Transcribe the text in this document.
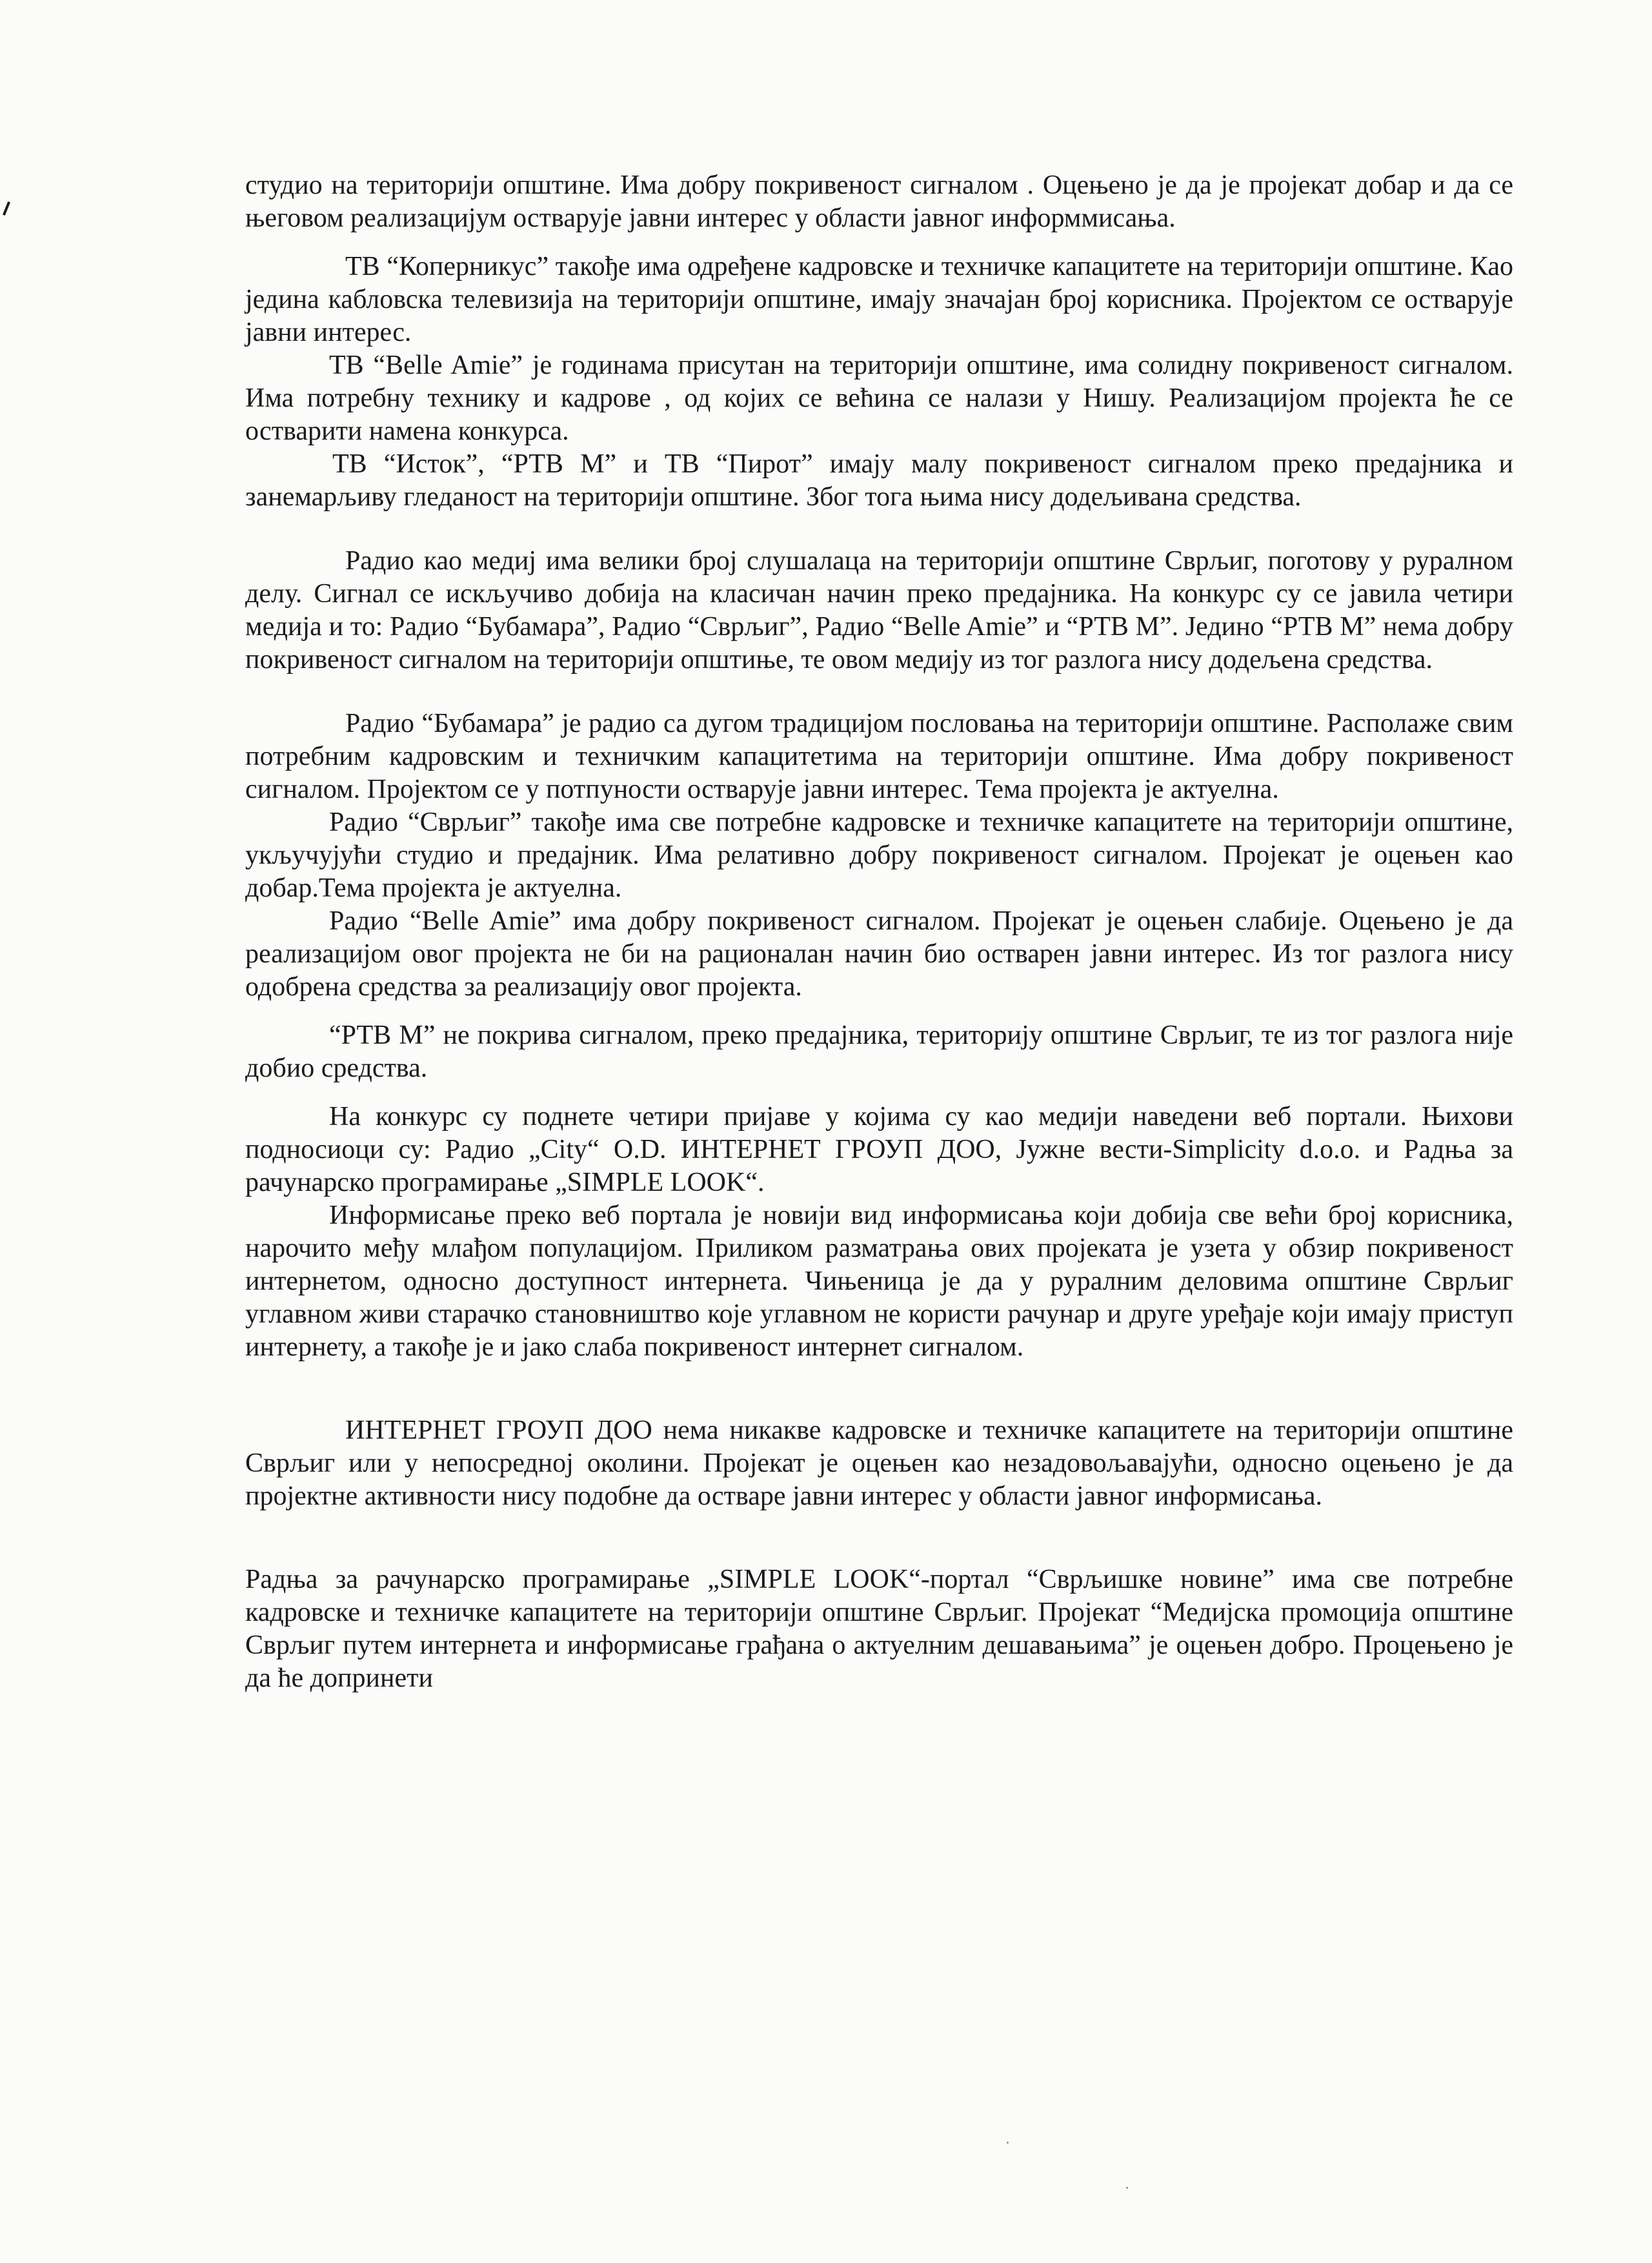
студио на територији општине. Има добру покривеност сигналом . Оцењено је да је пројекат добар и да се његовом реализацијум остварује јавни интерес у области јавног информмисања.

ТВ “Коперникус” такође има одређене кадровске и техничке капацитете на територији општине. Као једина кабловска телевизија на територији општине, имају значајан број корисника. Пројектом се остварује јавни интерес.

ТВ “Belle Amie” је годинама присутан на територији општине, има солидну покривеност сигналом. Има потребну технику и кадрове , од којих се већина се налази у Нишу. Реализацијом пројекта ће се остварити намена конкурса.

ТВ “Исток”, “РТВ М” и ТВ “Пирот” имају малу покривеност сигналом преко предајника и занемарљиву гледаност на територији општине. Због тога њима нису додељивана средства.

Радио као медиј има велики број слушалаца на територији општине Сврљиг, поготову у руралном делу. Сигнал се искључиво добија на класичан начин преко предајника. На конкурс су се јавила четири медија и то: Радио “Бубамара”, Радио “Сврљиг”, Радио “Belle Amie” и “РТВ М”. Једино “РТВ М” нема добру покривеност сигналом на територији општиње, те овом медију из тог разлога нису додељена средства.

Радио “Бубамара” је радио са дугом традицијом пословања на територији општине. Располаже свим потребним кадровским и техничким капацитетима на територији општине. Има добру покривеност сигналом. Пројектом се у потпуности остварује јавни интерес. Тема пројекта је актуелна.

Радио “Сврљиг” такође има све потребне кадровске и техничке капацитете на територији општине, укључујући студио и предајник. Има релативно добру покривеност сигналом. Пројекат је оцењен као добар.Тема пројекта је актуелна.

Радио “Belle Amie” има добру покривеност сигналом. Пројекат је оцењен слабије. Оцењено је да реализацијом овог пројекта не би на рационалан начин био остварен јавни интерес. Из тог разлога нису одобрена средства за реализацију овог пројекта.

“РТВ М” не покрива сигналом, преко предајника, територију општине Сврљиг, те из тог разлога није добио средства.

На конкурс су поднете четири пријаве у којима су као медији наведени веб портали. Њихови подносиоци су: Радио „City“ O.D. ИНТЕРНЕТ ГРОУП ДОО, Јужне вести-Simplicity d.o.o. и Радња за рачунарско програмирање „SIMPLE LOOK“.

Информисање преко веб портала је новији вид информисања који добија све већи број корисника, нарочито међу млађом популацијом. Приликом разматрања ових пројеката је узета у обзир покривеност интернетом, односно доступност интернета. Чињеница је да у руралним деловима општине Сврљиг углавном живи старачко становништво које углавном не користи рачунар и друге уређаје који имају приступ интернету, а такође је и јако слаба покривеност интернет сигналом.

ИНТЕРНЕТ ГРОУП ДОО нема никакве кадровске и техничке капацитете на територији општине Сврљиг или у непосредној околини. Пројекат је оцењен као незадовољавајући, односно оцењено је да пројектне активности нису подобне да остваре јавни интерес у области јавног информисања.

Радња за рачунарско програмирање „SIMPLE LOOK“-портал “Сврљишке новине” има све потребне кадровске и техничке капацитете на територији општине Сврљиг. Пројекат “Медијска промоција општине Сврљиг путем интернета и информисање грађана о актуелним дешавањима” је оцењен добро. Процењено је да ће допринети
